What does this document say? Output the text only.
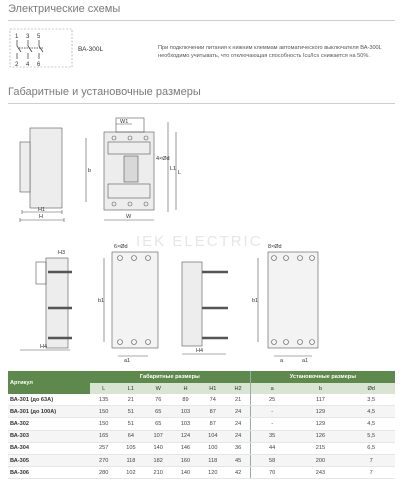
Электрические схемы
1 3 5
2 4 6
ВА-300L	При подключении питания к нижним клеммам автоматического выключателя ВА-300L необходимо учитывать, что отключающая способность Icu/Ics снижается на 50%.
Габаритные и установочные размеры
IEK ELECTRIC
H1
H
W1
W
4×Ød
L1
L
b
H3
H4
6×Ød
b1
a1
H4
8×Ød
b1
a	a1
Артикул	Габаритные размеры						Установочные размеры		
	L	L1	W	H	H1	H2	a	b	Ød
ВА-301 (до 63А)	135	21	76	89	74	21	25	117	3,5
ВА-301 (до 100А)	150	51	65	103	87	24	-	129	4,5
ВА-302	150	51	65	103	87	24	-	129	4,5
ВА-303	165	64	107	124	104	24	35	126	5,5
ВА-304	257	105	140	146	100	36	44	215	6,5
ВА-305	270	118	182	160	118	45	58	200	7
ВА-306	280	102	210	140	120	42	70	243	7
